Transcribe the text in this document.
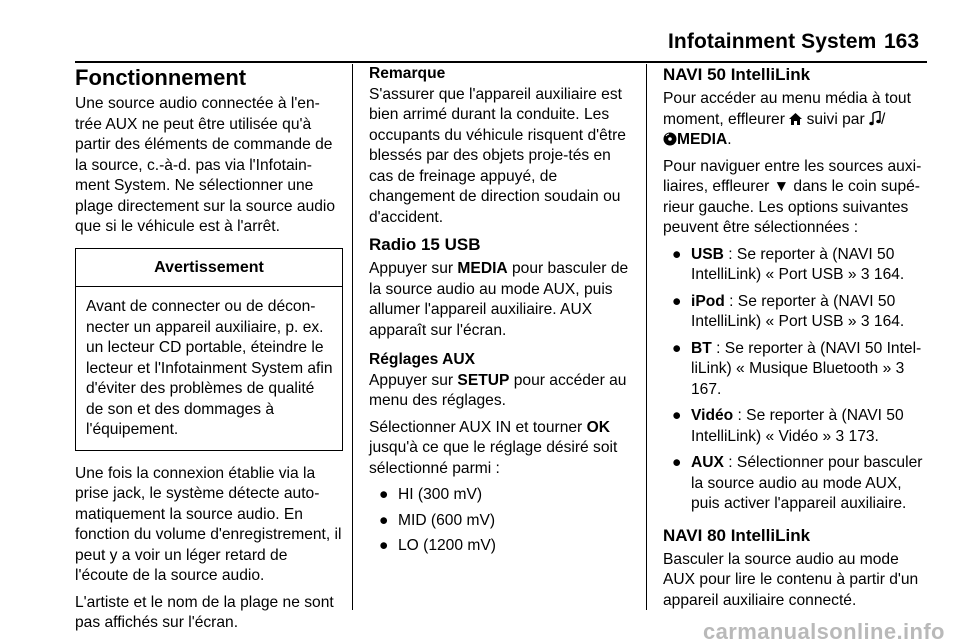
Infotainment System 163
Fonctionnement

Une source audio connectée à l'en-trée AUX ne peut être utilisée qu'à partir des éléments de commande de la source, c.-à-d. pas via l'Infotain-ment System. Ne sélectionner une plage directement sur la source audio que si le véhicule est à l'arrêt.

Avertissement
Avant de connecter ou de décon-necter un appareil auxiliaire, p. ex. un lecteur CD portable, éteindre le lecteur et l'Infotainment System afin d'éviter des problèmes de qualité de son et des dommages à l'équipement.

Une fois la connexion établie via la prise jack, le système détecte auto-matiquement la source audio. En fonction du volume d'enregistrement, il peut y a voir un léger retard de l'écoute de la source audio.

L'artiste et le nom de la plage ne sont pas affichés sur l'écran.

Remarque

S'assurer que l'appareil auxiliaire est bien arrimé durant la conduite. Les occupants du véhicule risquent d'être blessés par des objets proje-tés en cas de freinage appuyé, de changement de direction soudain ou d'accident.

Radio 15 USB

Appuyer sur MEDIA pour basculer de la source audio au mode AUX, puis allumer l'appareil auxiliaire. AUX apparaît sur l'écran.

Réglages AUX

Appuyer sur SETUP pour accéder au menu des réglages.

Sélectionner AUX IN et tourner OK jusqu'à ce que le réglage désiré soit sélectionné parmi :

● HI (300 mV)
● MID (600 mV)
● LO (1200 mV)
NAVI 50 IntelliLink

Pour accéder au menu média à tout moment, effleurer  suivi par /
MEDIA.

Pour naviguer entre les sources auxi-liaires, effleurer ▼ dans le coin supé-rieur gauche. Les options suivantes peuvent être sélectionnées :

● USB : Se reporter à (NAVI 50 IntelliLink) « Port USB » 3 164.
● iPod : Se reporter à (NAVI 50 IntelliLink) « Port USB » 3 164.
● BT : Se reporter à (NAVI 50 Intel-liLink) « Musique Bluetooth » 3 167.
● Vidéo : Se reporter à (NAVI 50 IntelliLink) « Vidéo » 3 173.
● AUX : Sélectionner pour basculer la source audio au mode AUX, puis activer l'appareil auxiliaire.
NAVI 80 IntelliLink

Basculer la source audio au mode AUX pour lire le contenu à partir d'un appareil auxiliaire connecté.

carmanualsonline.info
